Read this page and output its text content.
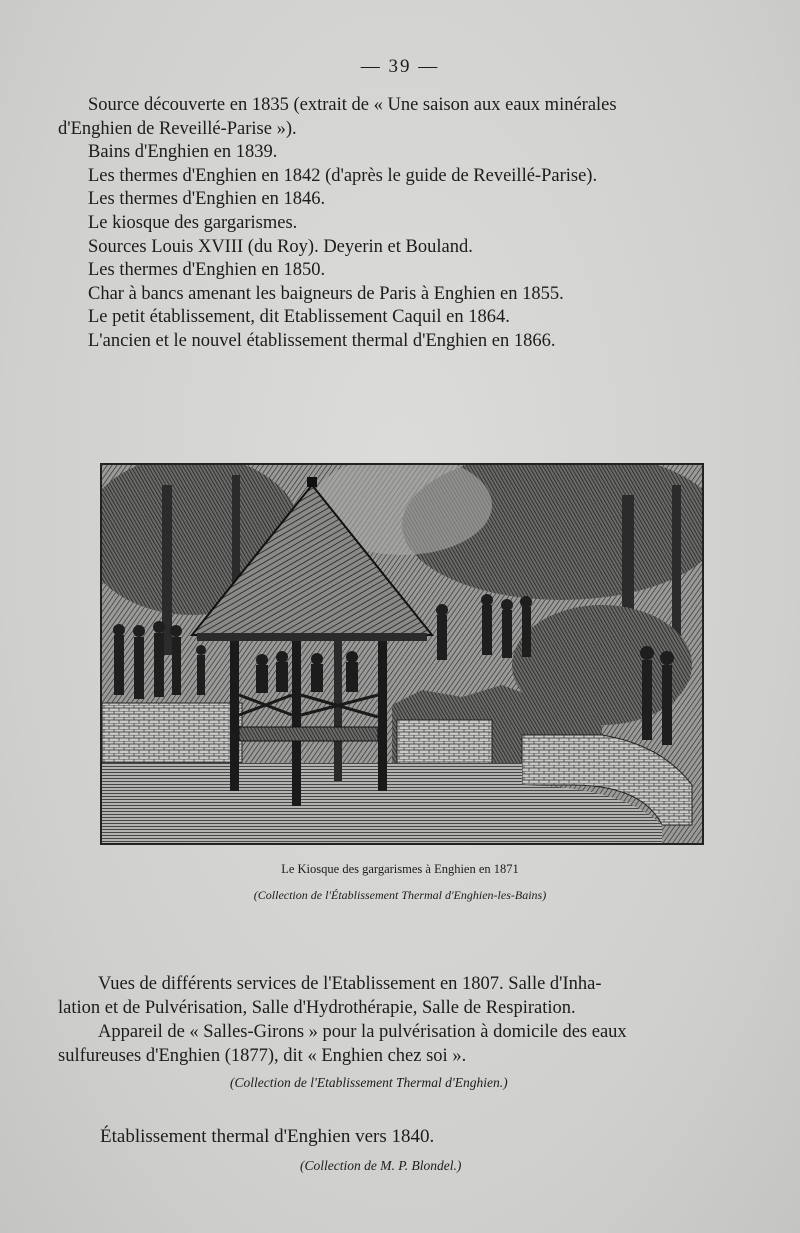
— 39 —
Source découverte en 1835 (extrait de « Une saison aux eaux minérales
d'Enghien de Reveillé-Parise »).
Bains d'Enghien en 1839.
Les thermes d'Enghien en 1842 (d'après le guide de Reveillé-Parise).
Les thermes d'Enghien en 1846.
Le kiosque des gargarismes.
Sources Louis XVIII (du Roy). Deyerin et Bouland.
Les thermes d'Enghien en 1850.
Char à bancs amenant les baigneurs de Paris à Enghien en 1855.
Le petit établissement, dit Etablissement Caquil en 1864.
L'ancien et le nouvel établissement thermal d'Enghien en 1866.
Le Kiosque des gargarismes à Enghien en 1871
(Collection de l'Établissement Thermal d'Enghien-les-Bains)
Vues de différents services de l'Etablissement en 1807. Salle d'Inha-
lation et de Pulvérisation, Salle d'Hydrothérapie, Salle de Respiration.
Appareil de « Salles-Girons » pour la pulvérisation à domicile des eaux
sulfureuses d'Enghien (1877), dit « Enghien chez soi ».
(Collection de l'Etablissement Thermal d'Enghien.)
Établissement thermal d'Enghien vers 1840.
(Collection de M. P. Blondel.)
